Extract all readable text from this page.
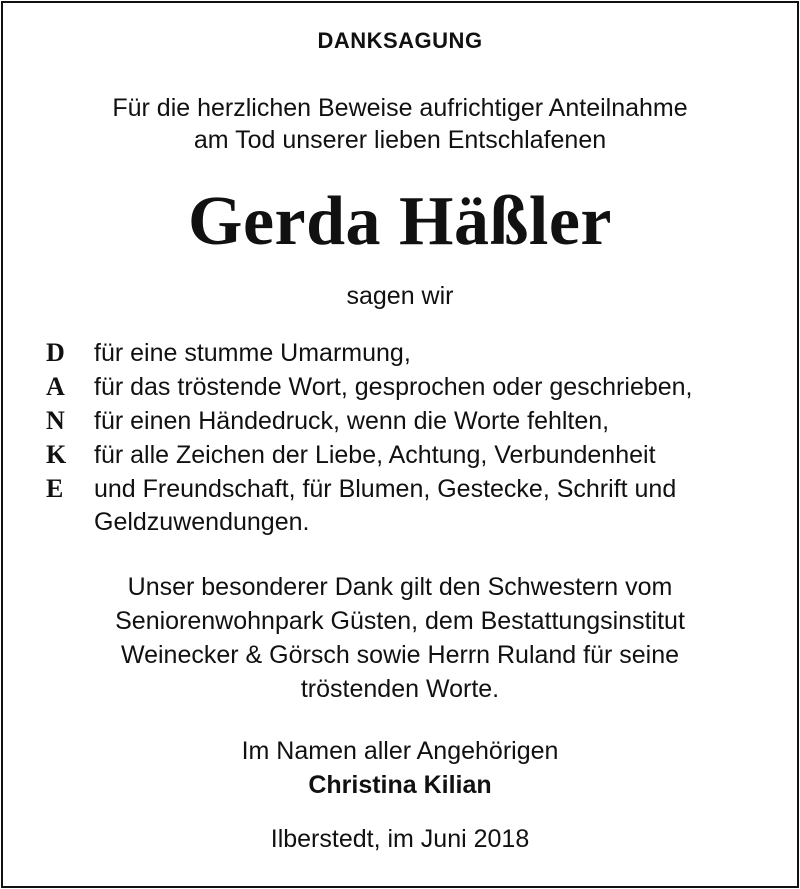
DANKSAGUNG
Für die herzlichen Beweise aufrichtiger Anteilnahme
am Tod unserer lieben Entschlafenen
Gerda Häßler
sagen wir
D	für eine stumme Umarmung,
A	für das tröstende Wort, gesprochen oder geschrieben,
N	für einen Händedruck, wenn die Worte fehlten,
K	für alle Zeichen der Liebe, Achtung, Verbundenheit
E	und Freundschaft, für Blumen, Gestecke, Schrift und
Geldzuwendungen.
Unser besonderer Dank gilt den Schwestern vom
Seniorenwohnpark Güsten, dem Bestattungsinstitut
Weinecker & Görsch sowie Herrn Ruland für seine
tröstenden Worte.
Im Namen aller Angehörigen
Christina Kilian
Ilberstedt, im Juni 2018
